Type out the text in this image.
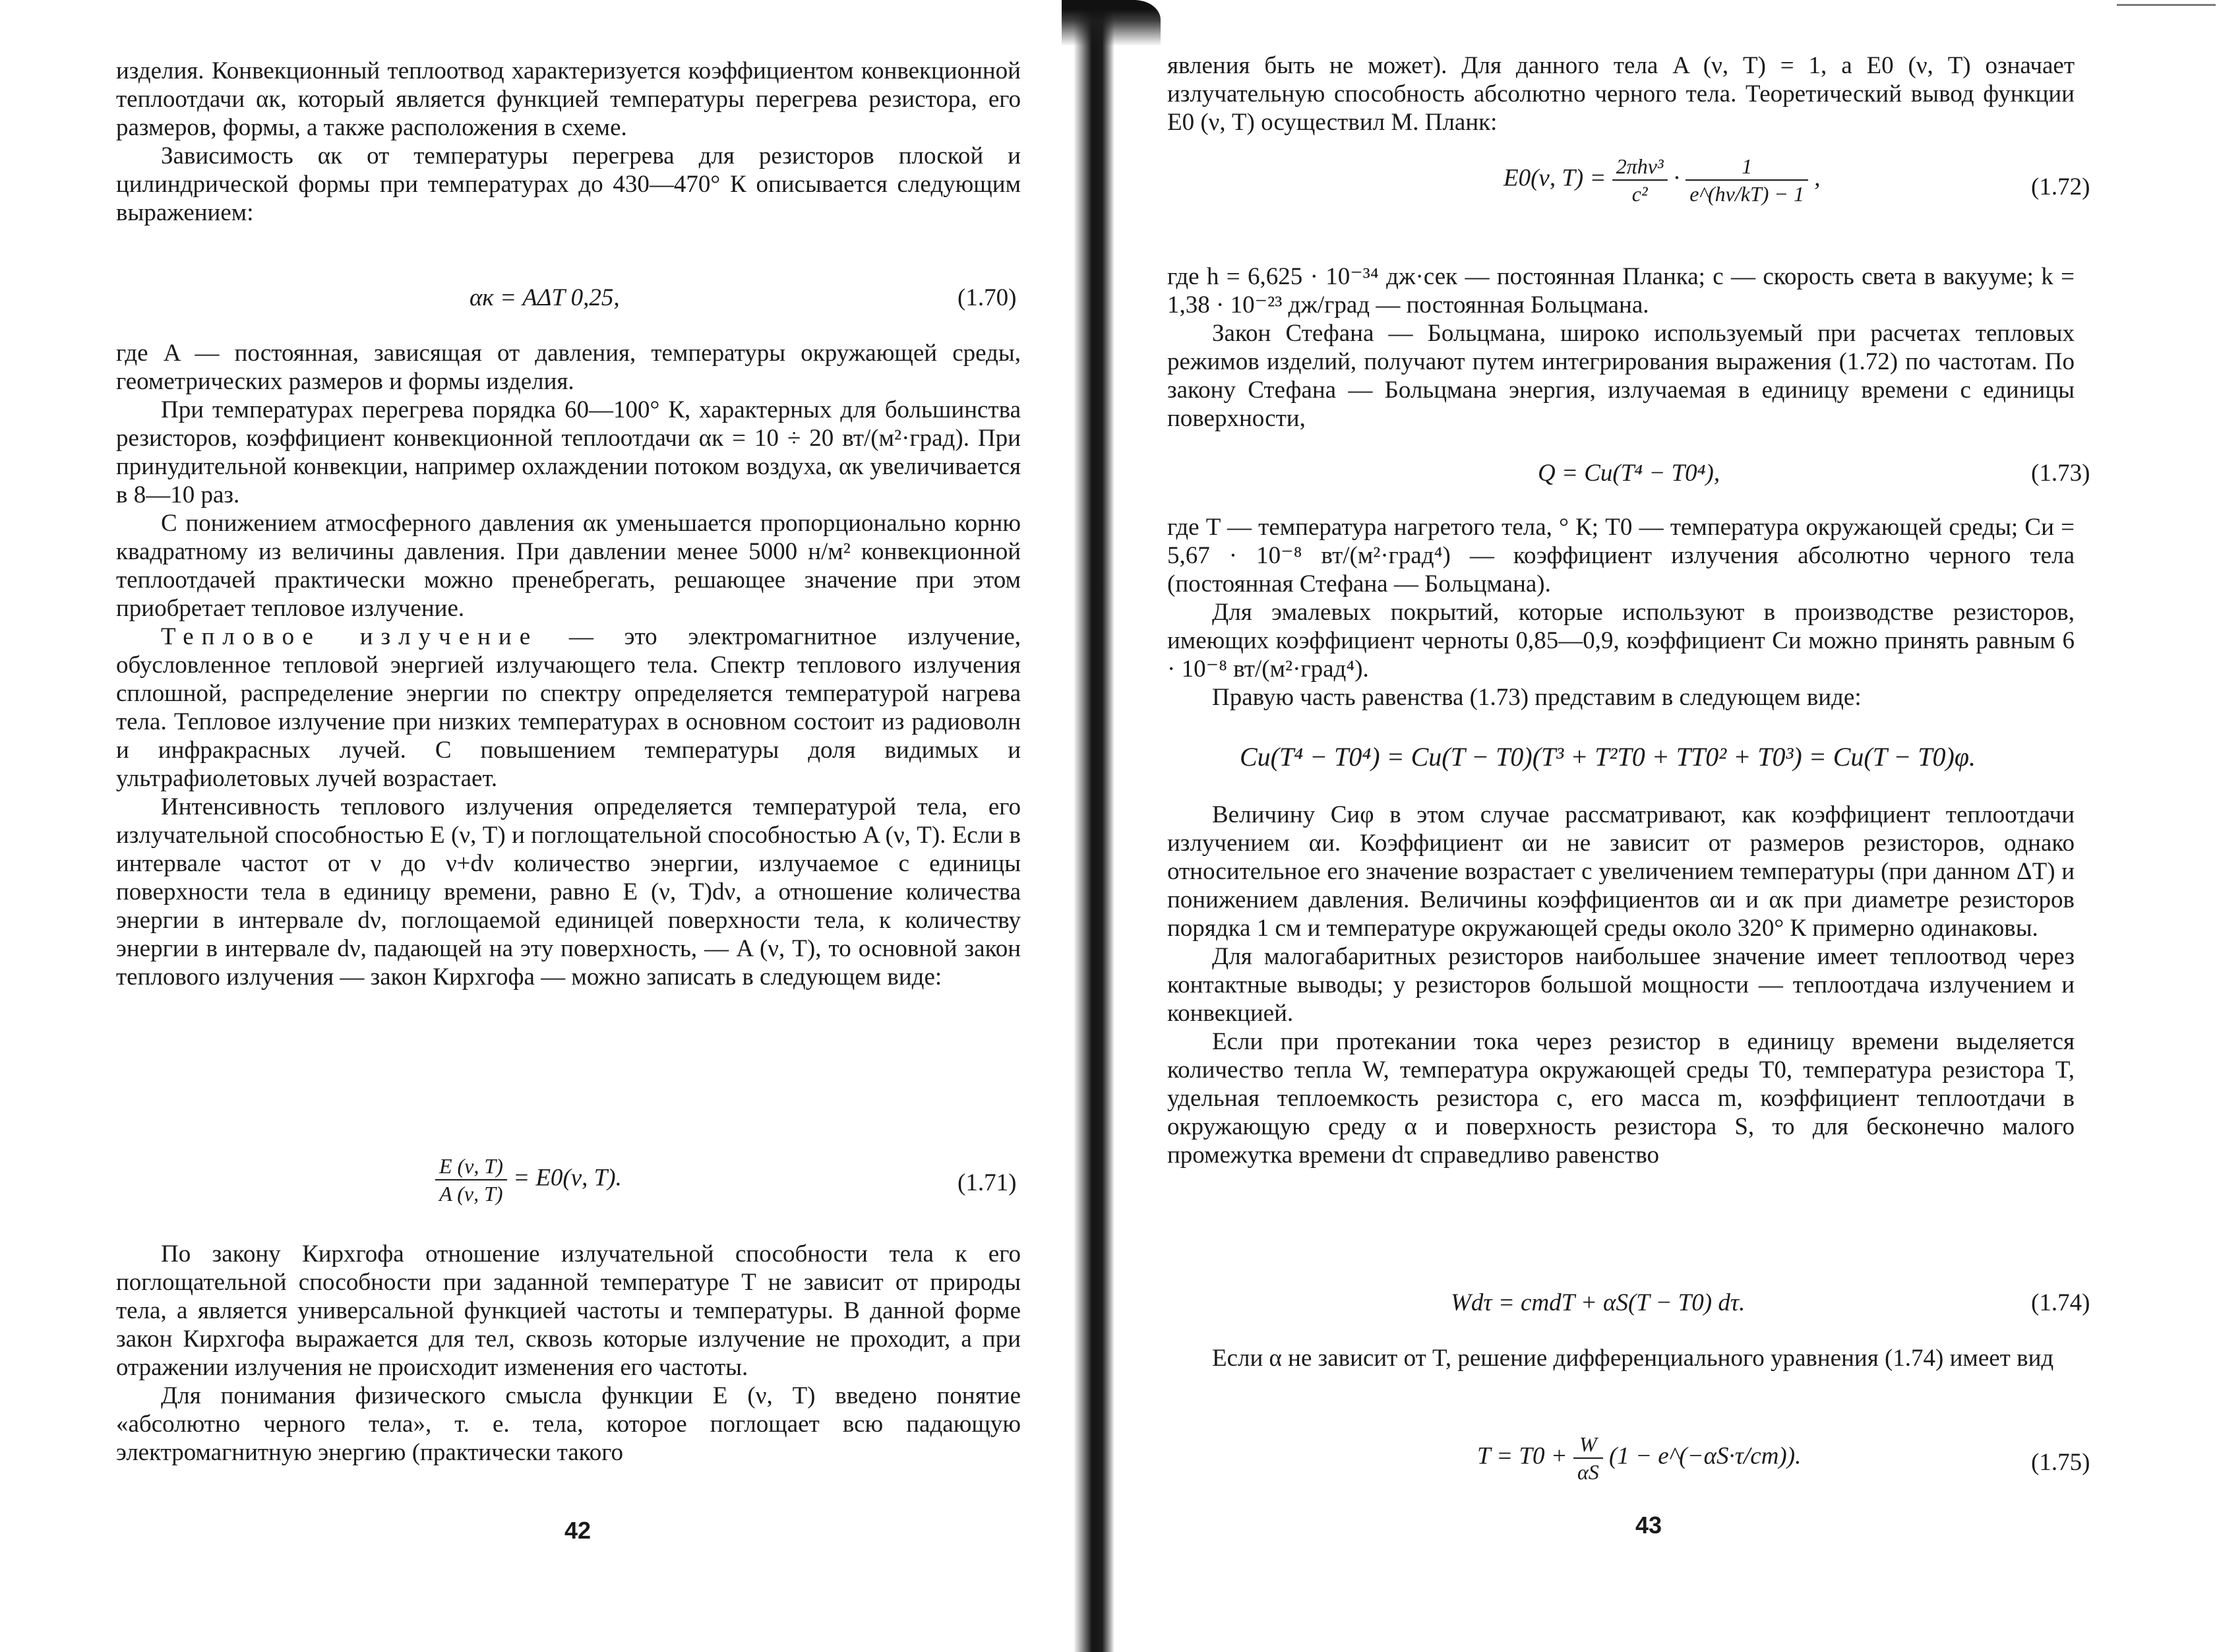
изделия. Конвекционный теплоотвод характеризуется коэффициентом конвекционной теплоотдачи αк, который является функцией температуры перегрева резистора, его размеров, формы, а также расположения в схеме.

Зависимость αк от температуры перегрева для резисторов плоской и цилиндрической формы при температурах до 430—470° К описывается следующим выражением:

αк = AΔT 0,25,	(1.70)

где A — постоянная, зависящая от давления, температуры окружающей среды, геометрических размеров и формы изделия.

При температурах перегрева порядка 60—100° К, характерных для большинства резисторов, коэффициент конвекционной теплоотдачи αк = 10 ÷ 20 вт/(м²·град). При принудительной конвекции, например охлаждении потоком воздуха, αк увеличивается в 8—10 раз.

С понижением атмосферного давления αк уменьшается пропорционально корню квадратному из величины давления. При давлении менее 5000 н/м² конвекционной теплоотдачей практически можно пренебрегать, решающее значение при этом приобретает тепловое излучение.

Тепловое излучение — это электромагнитное излучение, обусловленное тепловой энергией излучающего тела. Спектр теплового излучения сплошной, распределение энергии по спектру определяется температурой нагрева тела. Тепловое излучение при низких температурах в основном состоит из радиоволн и инфракрасных лучей. С повышением температуры доля видимых и ультрафиолетовых лучей возрастает.

Интенсивность теплового излучения определяется температурой тела, его излучательной способностью E (ν, T) и поглощательной способностью A (ν, T). Если в интервале частот от ν до ν+dν количество энергии, излучаемое с единицы поверхности тела в единицу времени, равно E (ν, T)dν, а отношение количества энергии в интервале dν, поглощаемой единицей поверхности тела, к количеству энергии в интервале dν, падающей на эту поверхность, — A (ν, T), то основной закон теплового излучения — закон Кирхгофа — можно записать в следующем виде:

$\frac{E (\nu, T)}{A (\nu, T)} = E0(\nu$, T).	(1.71)

По закону Кирхгофа отношение излучательной способности тела к его поглощательной способности при заданной температуре T не зависит от природы тела, а является универсальной функцией частоты и температуры. В данной форме закон Кирхгофа выражается для тел, сквозь которые излучение не проходит, а при отражении излучения не происходит изменения его частоты.

Для понимания физического смысла функции E (ν, T) введено понятие «абсолютно черного тела», т. е. тела, которое поглощает всю падающую электромагнитную энергию (практически такого

42

явления быть не может). Для данного тела A (ν, T) = 1, а E0 (ν, T) означает излучательную способность абсолютно черного тела. Теоретический вывод функции E0 (ν, T) осуществил М. Планк:

E0(ν, $T) = \frac{\text{2πhν³}}{\text{c²}} \cdot \frac{1}{e\^{}(h\nu/kT) - 1}$ ,	(1.72)

где h = 6,625 · 10⁻³⁴ дж·сек — постоянная Планка; c — скорость света в вакууме; k = 1,38 · 10⁻²³ дж/град — постоянная Больцмана.

Закон Стефана — Больцмана, широко используемый при расчетах тепловых режимов изделий, получают путем интегрирования выражения (1.72) по частотам. По закону Стефана — Больцмана энергия, излучаемая в единицу времени с единицы поверхности,

Q = Cи(T⁴ − T0⁴),	(1.73)

где T — температура нагретого тела, ° К; T0 — температура окружающей среды; Cи = 5,67 · 10⁻⁸ вт/(м²·град⁴) — коэффициент излучения абсолютно черного тела (постоянная Стефана — Больцмана).

Для эмалевых покрытий, которые используют в производстве резисторов, имеющих коэффициент черноты 0,85—0,9, коэффициент Cи можно принять равным 6 · 10⁻⁸ вт/(м²·град⁴).

Правую часть равенства (1.73) представим в следующем виде:

Cи(T⁴ − T0⁴) = Cи(T − T0)(T³ + T²T0 + TT0² + T0³) = Cи(T − T0)φ.

Величину Cиφ в этом случае рассматривают, как коэффициент теплоотдачи излучением αи. Коэффициент αи не зависит от размеров резисторов, однако относительное его значение возрастает с увеличением температуры (при данном ΔT) и понижением давления. Величины коэффициентов αи и αк при диаметре резисторов порядка 1 см и температуре окружающей среды около 320° К примерно одинаковы.

Для малогабаритных резисторов наибольшее значение имеет теплоотвод через контактные выводы; у резисторов большой мощности — теплоотдача излучением и конвекцией.

Если при протекании тока через резистор в единицу времени выделяется количество тепла W, температура окружающей среды T0, температура резистора T, удельная теплоемкость резистора c, его масса m, коэффициент теплоотдачи в окружающую среду α и поверхность резистора S, то для бесконечно малого промежутка времени dτ справедливо равенство

Wdτ = cmdT + αS(T − T0) dτ.	(1.74)

Если α не зависит от T, решение дифференциального уравнения (1.74) имеет вид

$T = T0 + \frac{W}{\alpha S} (1$ − e^(−αS·τ/cm)).	(1.75)
43
